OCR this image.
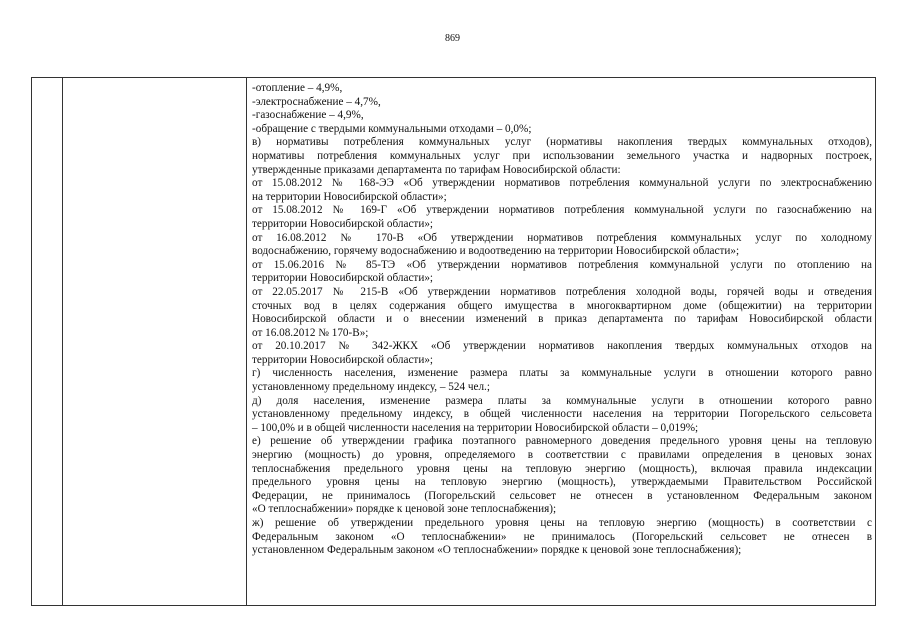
869
-отопление – 4,9%,
-электроснабжение – 4,7%,
-газоснабжение – 4,9%,
-обращение с твердыми коммунальными отходами – 0,0%;
в) нормативы потребления коммунальных услуг (нормативы накопления твердых коммунальных отходов),
нормативы потребления коммунальных услуг при использовании земельного участка и надворных построек,
утвержденные приказами департамента по тарифам Новосибирской области:
от 15.08.2012 № 168-ЭЭ «Об утверждении нормативов потребления коммунальной услуги по электроснабжению
на территории Новосибирской области»;
от 15.08.2012 № 169-Г «Об утверждении нормативов потребления коммунальной услуги по газоснабжению на
территории Новосибирской области»;
от 16.08.2012 № 170-В «Об утверждении нормативов потребления коммунальных услуг по холодному
водоснабжению, горячему водоснабжению и водоотведению на территории Новосибирской области»;
от 15.06.2016 № 85-ТЭ «Об утверждении нормативов потребления коммунальной услуги по отоплению на
территории Новосибирской области»;
от 22.05.2017 № 215-В «Об утверждении нормативов потребления холодной воды, горячей воды и отведения
сточных вод в целях содержания общего имущества в многоквартирном доме (общежитии) на территории
Новосибирской области и о внесении изменений в приказ департамента по тарифам Новосибирской области
от 16.08.2012 № 170-В»;
от 20.10.2017 № 342-ЖКХ «Об утверждении нормативов накопления твердых коммунальных отходов на
территории Новосибирской области»;
г) численность населения, изменение размера платы за коммунальные услуги в отношении которого равно
установленному предельному индексу, – 524 чел.;
д) доля населения, изменение размера платы за коммунальные услуги в отношении которого равно
установленному предельному индексу, в общей численности населения на территории Погорельского сельсовета
– 100,0% и в общей численности населения на территории Новосибирской области – 0,019%;
е) решение об утверждении графика поэтапного равномерного доведения предельного уровня цены на тепловую
энергию (мощность) до уровня, определяемого в соответствии с правилами определения в ценовых зонах
теплоснабжения предельного уровня цены на тепловую энергию (мощность), включая правила индексации
предельного уровня цены на тепловую энергию (мощность), утверждаемыми Правительством Российской
Федерации, не принималось (Погорельский сельсовет не отнесен в установленном Федеральным законом
«О теплоснабжении» порядке к ценовой зоне теплоснабжения);
ж) решение об утверждении предельного уровня цены на тепловую энергию (мощность) в соответствии с
Федеральным законом «О теплоснабжении» не принималось (Погорельский сельсовет не отнесен в
установленном Федеральным законом «О теплоснабжении» порядке к ценовой зоне теплоснабжения);
